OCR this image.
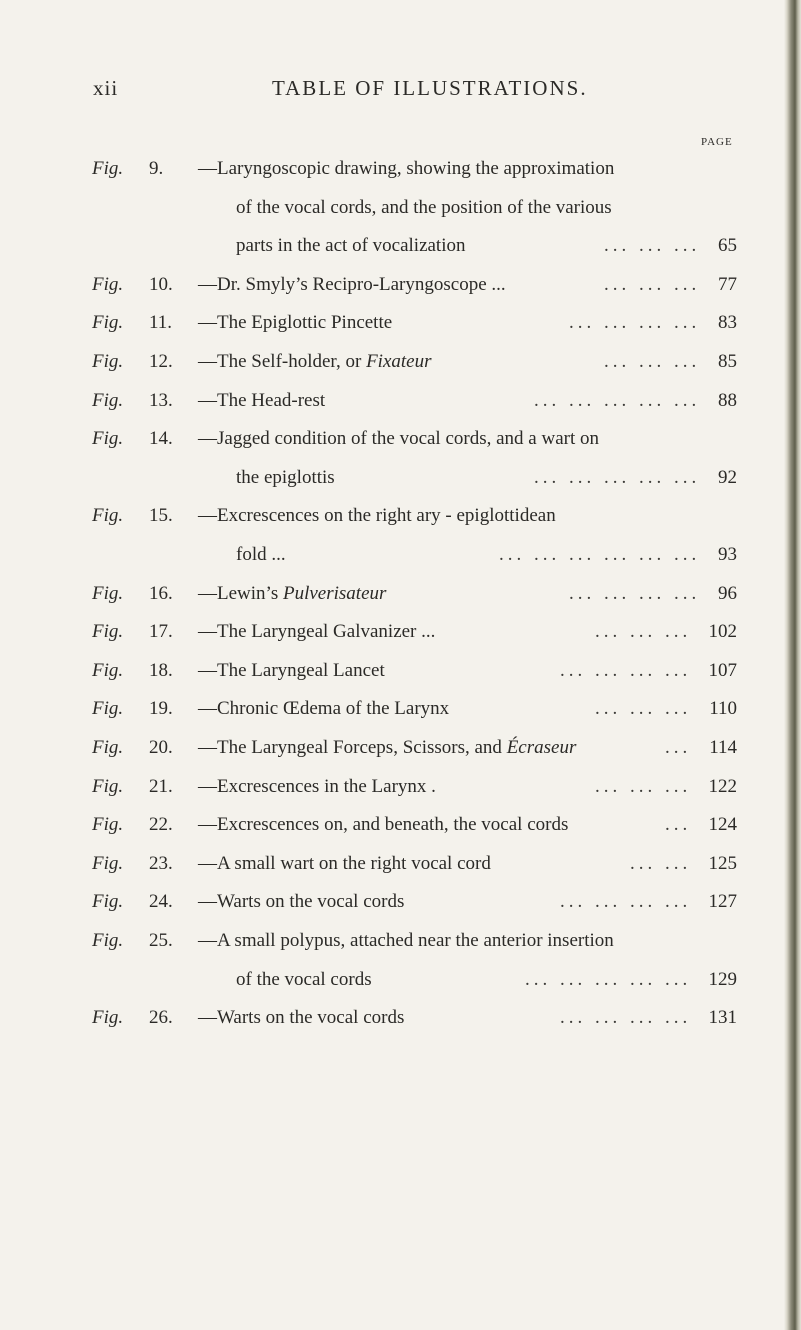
xii	TABLE OF ILLUSTRATIONS.
PAGE
Fig. 9. —Laryngoscopic drawing, showing the approximation
of the vocal cords, and the position of the various
parts in the act of vocalization	65
... ... ...
Fig. 10. —Dr. Smyly’s Recipro-Laryngoscope ...	77
... ... ...
Fig. 11. —The Epiglottic Pincette	83
... ... ... ...
Fig. 12. —The Self-holder, or Fixateur	85
... ... ...
Fig. 13. —The Head-rest	88
... ... ... ... ...
Fig. 14. —Jagged condition of the vocal cords, and a wart on
the epiglottis	92
... ... ... ... ...
Fig. 15. —Excrescences on the right ary - epiglottidean
fold ...	93
... ... ... ... ... ...
Fig. 16. —Lewin’s Pulverisateur	96
... ... ... ...
Fig. 17. —The Laryngeal Galvanizer ...	102
... ... ...
Fig. 18. —The Laryngeal Lancet	107
... ... ... ...
Fig. 19. —Chronic Œdema of the Larynx	110
... ... ...
Fig. 20. —The Laryngeal Forceps, Scissors, and Écraseur	114
...
Fig. 21. —Excrescences in the Larynx .	122
... ... ...
Fig. 22. —Excrescences on, and beneath, the vocal cords	124
...
Fig. 23. —A small wart on the right vocal cord	125
... ...
Fig. 24. —Warts on the vocal cords	127
... ... ... ...
Fig. 25. —A small polypus, attached near the anterior insertion
of the vocal cords	129
... ... ... ... ...
Fig. 26. —Warts on the vocal cords	131
... ... ... ...
